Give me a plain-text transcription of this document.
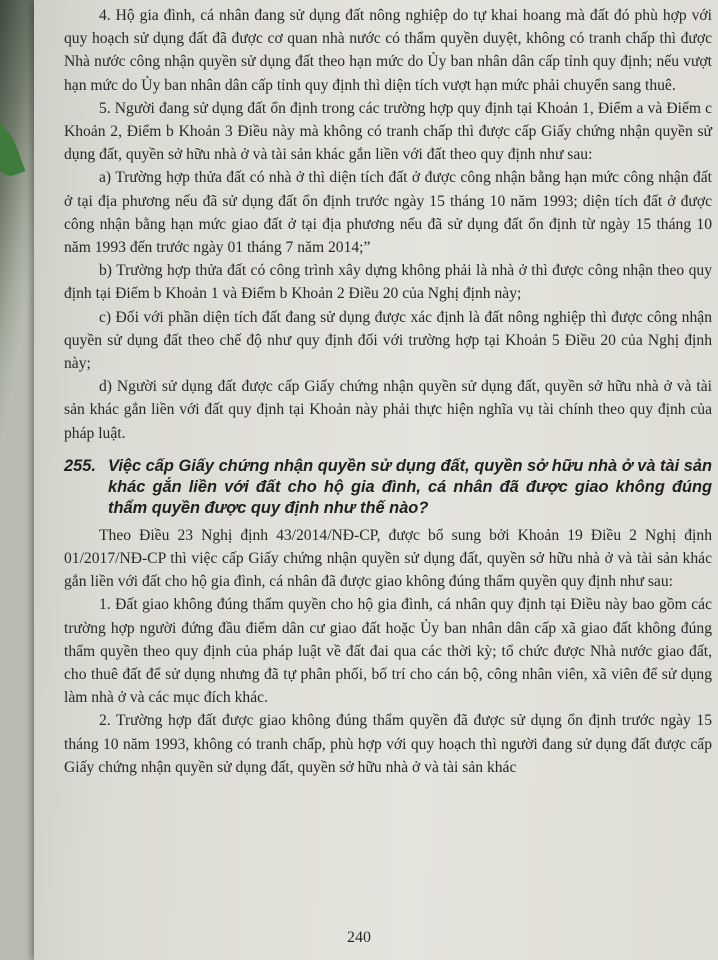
4. Hộ gia đình, cá nhân đang sử dụng đất nông nghiệp do tự khai hoang mà đất đó phù hợp với quy hoạch sử dụng đất đã được cơ quan nhà nước có thẩm quyền duyệt, không có tranh chấp thì được Nhà nước công nhận quyền sử dụng đất theo hạn mức do Ủy ban nhân dân cấp tỉnh quy định; nếu vượt hạn mức do Ủy ban nhân dân cấp tỉnh quy định thì diện tích vượt hạn mức phải chuyển sang thuê.

5. Người đang sử dụng đất ổn định trong các trường hợp quy định tại Khoản 1, Điểm a và Điểm c Khoản 2, Điểm b Khoản 3 Điều này mà không có tranh chấp thì được cấp Giấy chứng nhận quyền sử dụng đất, quyền sở hữu nhà ở và tài sản khác gắn liền với đất theo quy định như sau:

a) Trường hợp thửa đất có nhà ở thì diện tích đất ở được công nhận bằng hạn mức công nhận đất ở tại địa phương nếu đã sử dụng đất ổn định trước ngày 15 tháng 10 năm 1993; diện tích đất ở được công nhận bằng hạn mức giao đất ở tại địa phương nếu đã sử dụng đất ổn định từ ngày 15 tháng 10 năm 1993 đến trước ngày 01 tháng 7 năm 2014;”

b) Trường hợp thửa đất có công trình xây dựng không phải là nhà ở thì được công nhận theo quy định tại Điểm b Khoản 1 và Điểm b Khoản 2 Điều 20 của Nghị định này;

c) Đối với phần diện tích đất đang sử dụng được xác định là đất nông nghiệp thì được công nhận quyền sử dụng đất theo chế độ như quy định đối với trường hợp tại Khoản 5 Điều 20 của Nghị định này;

d) Người sử dụng đất được cấp Giấy chứng nhận quyền sử dụng đất, quyền sở hữu nhà ở và tài sản khác gắn liền với đất quy định tại Khoản này phải thực hiện nghĩa vụ tài chính theo quy định của pháp luật.

255. Việc cấp Giấy chứng nhận quyền sử dụng đất, quyền sở hữu nhà ở và tài sản khác gắn liền với đất cho hộ gia đình, cá nhân đã được giao không đúng thẩm quyền được quy định như thế nào?

Theo Điều 23 Nghị định 43/2014/NĐ-CP, được bổ sung bởi Khoản 19 Điều 2 Nghị định 01/2017/NĐ-CP thì việc cấp Giấy chứng nhận quyền sử dụng đất, quyền sở hữu nhà ở và tài sản khác gắn liền với đất cho hộ gia đình, cá nhân đã được giao không đúng thẩm quyền quy định như sau:

1. Đất giao không đúng thẩm quyền cho hộ gia đình, cá nhân quy định tại Điều này bao gồm các trường hợp người đứng đầu điểm dân cư giao đất hoặc Ủy ban nhân dân cấp xã giao đất không đúng thẩm quyền theo quy định của pháp luật về đất đai qua các thời kỳ; tổ chức được Nhà nước giao đất, cho thuê đất để sử dụng nhưng đã tự phân phối, bố trí cho cán bộ, công nhân viên, xã viên để sử dụng làm nhà ở và các mục đích khác.

2. Trường hợp đất được giao không đúng thẩm quyền đã được sử dụng ổn định trước ngày 15 tháng 10 năm 1993, không có tranh chấp, phù hợp với quy hoạch thì người đang sử dụng đất được cấp Giấy chứng nhận quyền sử dụng đất, quyền sở hữu nhà ở và tài sản khác

240
